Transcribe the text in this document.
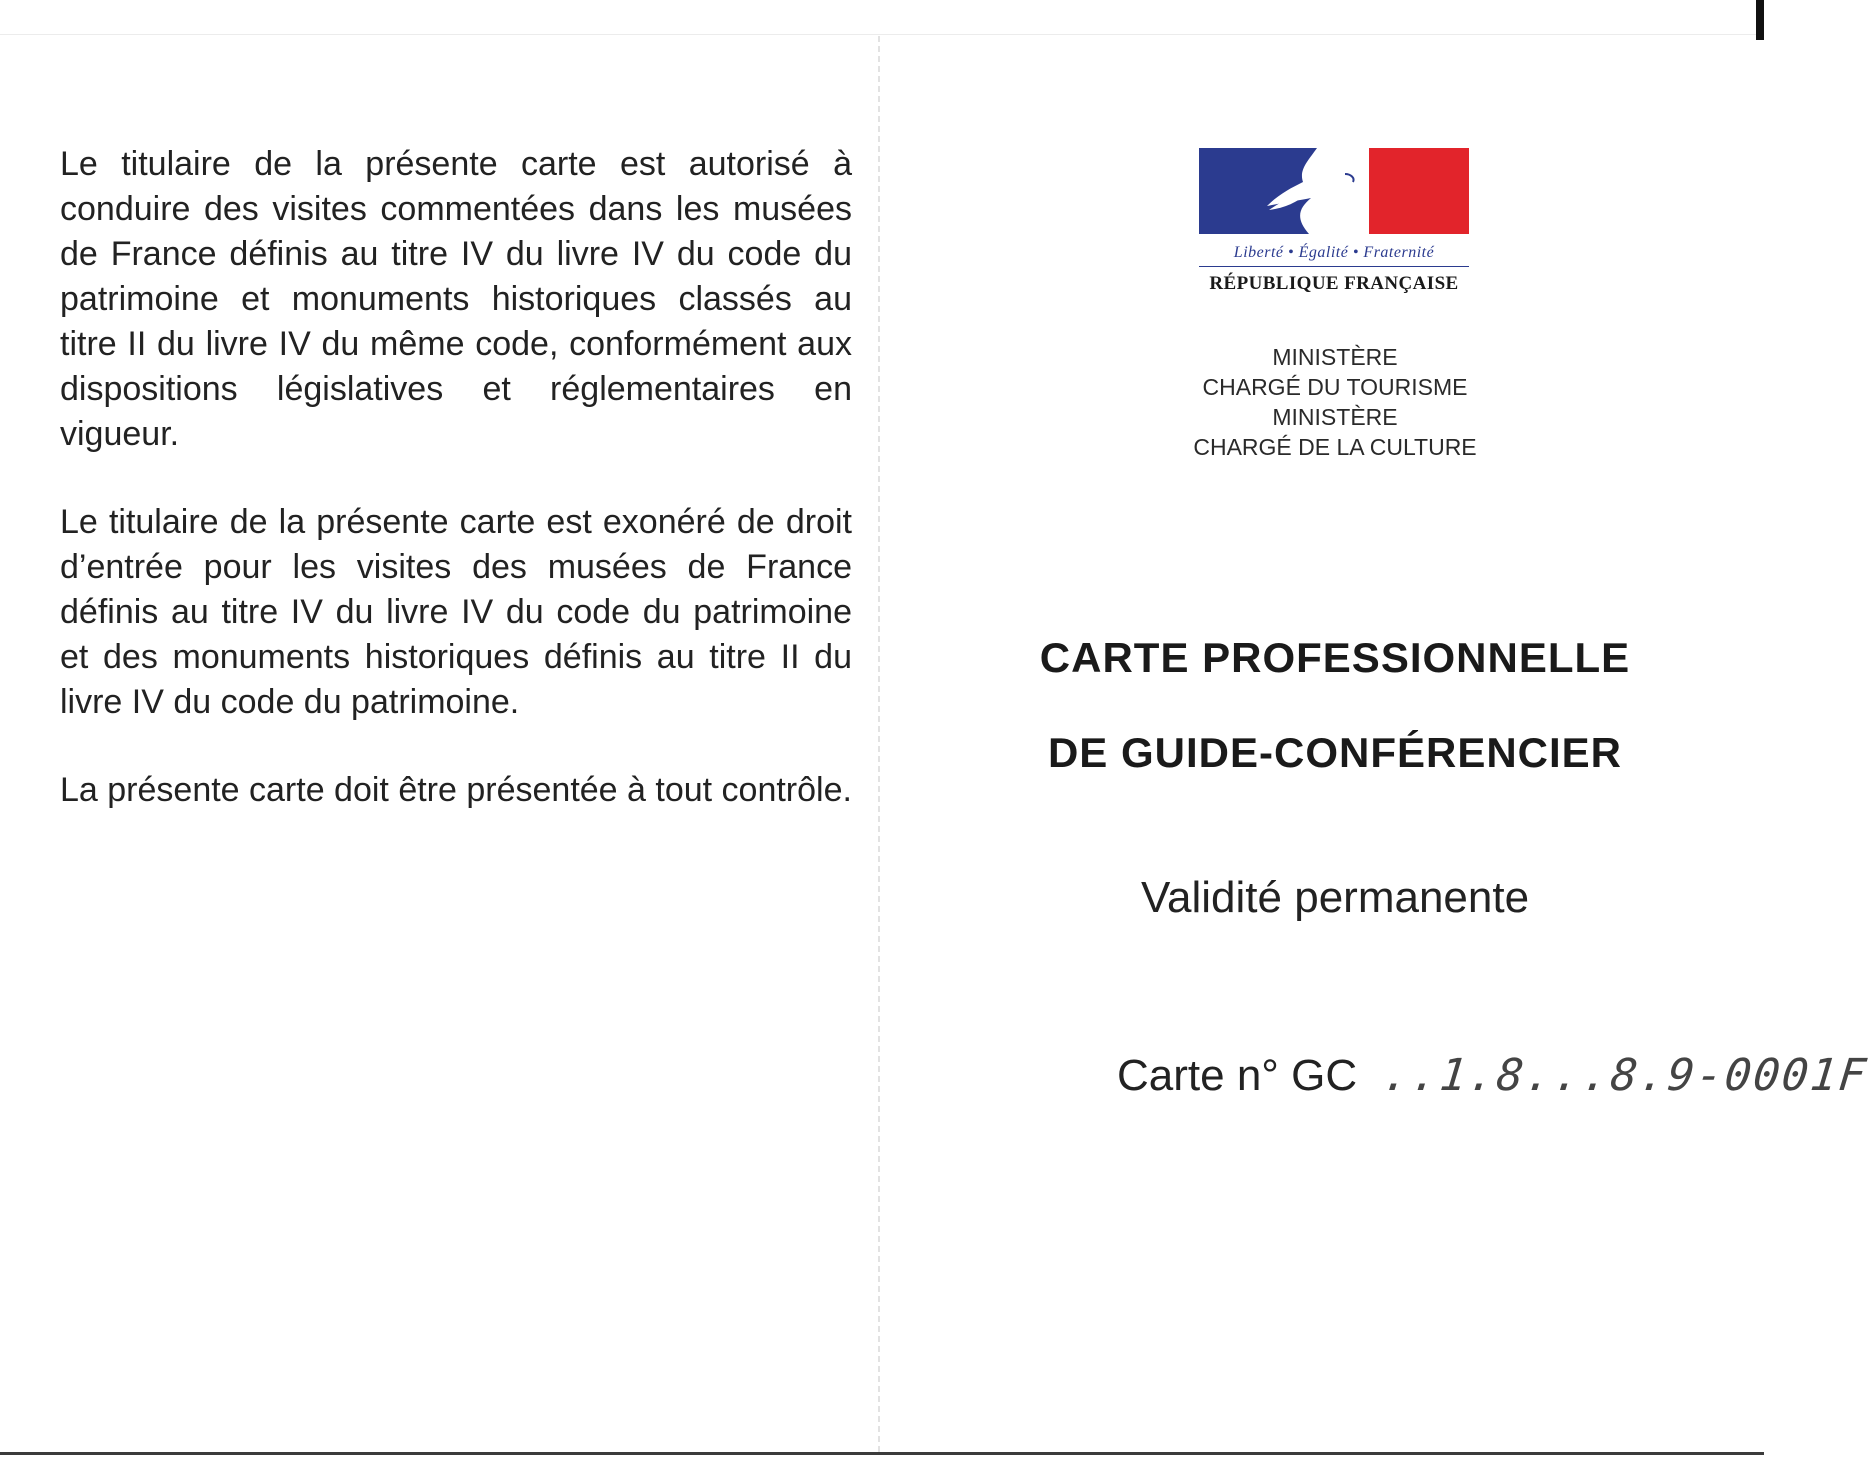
Le titulaire de la présente carte est autorisé à conduire des visites commentées dans les musées de France définis au titre IV du livre IV du code du patrimoine et monuments historiques classés au titre II du livre IV du même code, conformément aux dispositions législatives et réglementaires en vigueur.

Le titulaire de la présente carte est exonéré de droit d’entrée pour les visites des musées de France définis au titre IV du livre IV du code du patrimoine et des monuments historiques définis au titre II du livre IV du code du patrimoine.

La présente carte doit être présentée à tout contrôle.

Liberté • Égalité • Fraternité
RÉPUBLIQUE FRANÇAISE
MINISTÈRE
CHARGÉ DU TOURISME
MINISTÈRE
CHARGÉ DE LA CULTURE
CARTE PROFESSIONNELLE
DE GUIDE-CONFÉRENCIER
Validité permanente
Carte n° GC ..1.8...8.9-0001F
